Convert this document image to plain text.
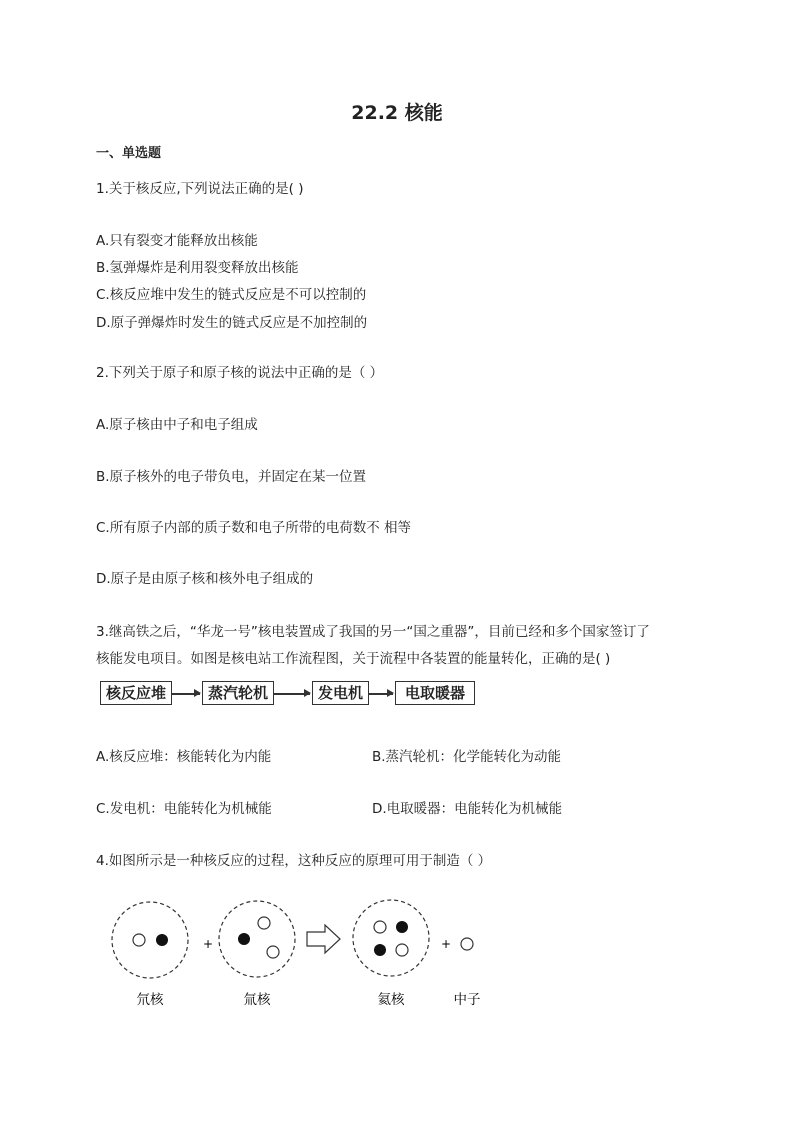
22.2 核能
一、单选题
1.关于核反应,下列说法正确的是( )
A.只有裂变才能释放出核能
B.氢弹爆炸是利用裂变释放出核能
C.核反应堆中发生的链式反应是不可以控制的
D.原子弹爆炸时发生的链式反应是不加控制的
2.下列关于原子和原子核的说法中正确的是（ ）
A.原子核由中子和电子组成
B.原子核外的电子带负电，并固定在某一位置
C.所有原子内部的质子数和电子所带的电荷数不 相等
D.原子是由原子核和核外电子组成的
3.继高铁之后，“华龙一号”核电装置成了我国的另一“国之重器”，目前已经和多个国家签订了
核能发电项目。如图是核电站工作流程图，关于流程中各装置的能量转化，正确的是( )
核反应堆	蒸汽轮机	发电机	电取暖器
A.核反应堆：核能转化为内能	B.蒸汽轮机：化学能转化为动能
C.发电机：电能转化为机械能	D.电取暖器：电能转化为机械能
4.如图所示是一种核反应的过程，这种反应的原理可用于制造（ ）
+	+
氘核	氚核	氦核	中子
